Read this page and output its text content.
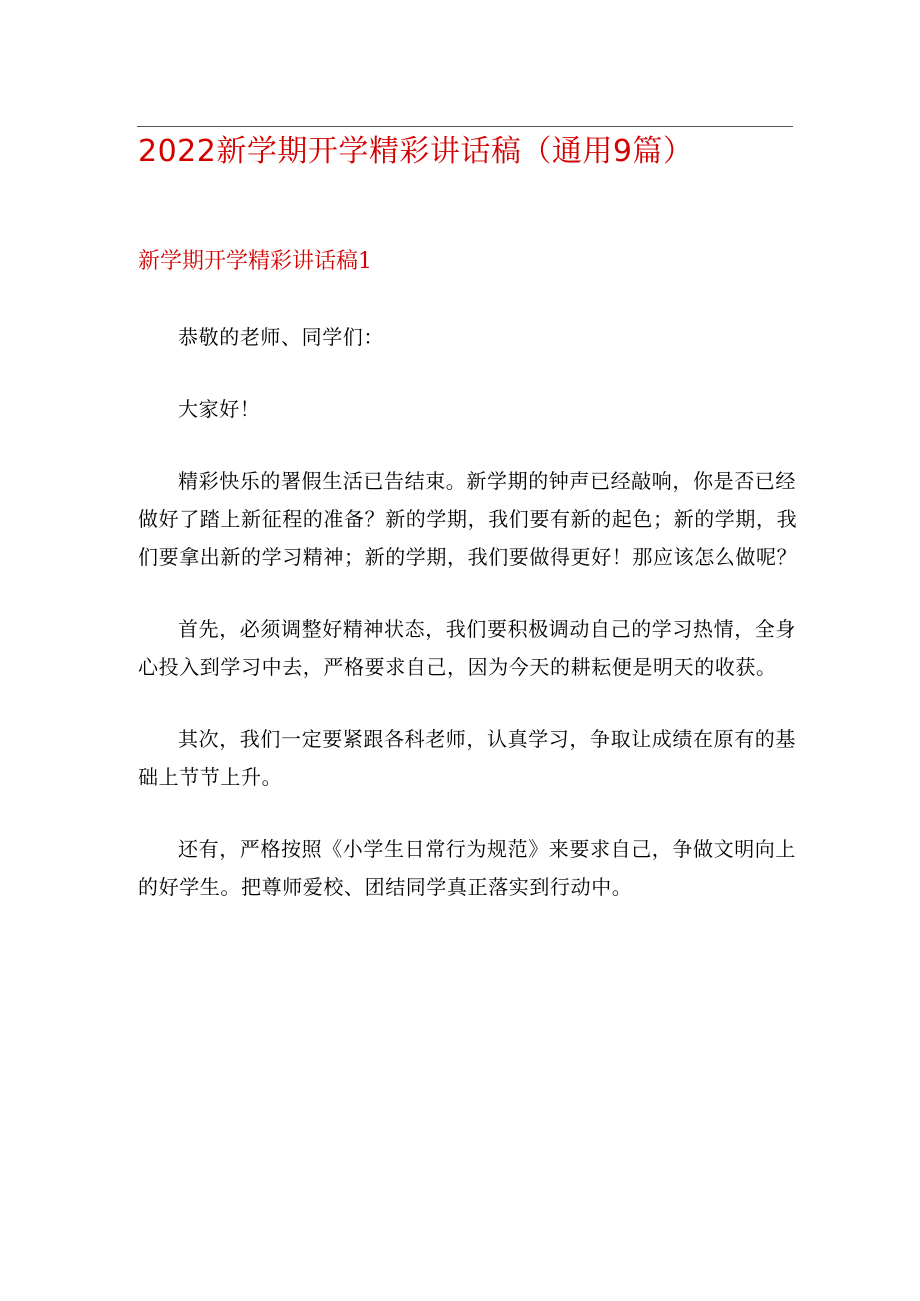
2022新学期开学精彩讲话稿（通用9篇）
新学期开学精彩讲话稿1

恭敬的老师、同学们：

大家好！

精彩快乐的署假生活已告结束。新学期的钟声已经敲响，你是否已经做好了踏上新征程的准备？新的学期，我们要有新的起色；新的学期，我们要拿出新的学习精神；新的学期，我们要做得更好！那应该怎么做呢？

首先，必须调整好精神状态，我们要积极调动自己的学习热情，全身心投入到学习中去，严格要求自己，因为今天的耕耘便是明天的收获。

其次，我们一定要紧跟各科老师，认真学习，争取让成绩在原有的基础上节节上升。

还有，严格按照《小学生日常行为规范》来要求自己，争做文明向上的好学生。把尊师爱校、团结同学真正落实到行动中。
